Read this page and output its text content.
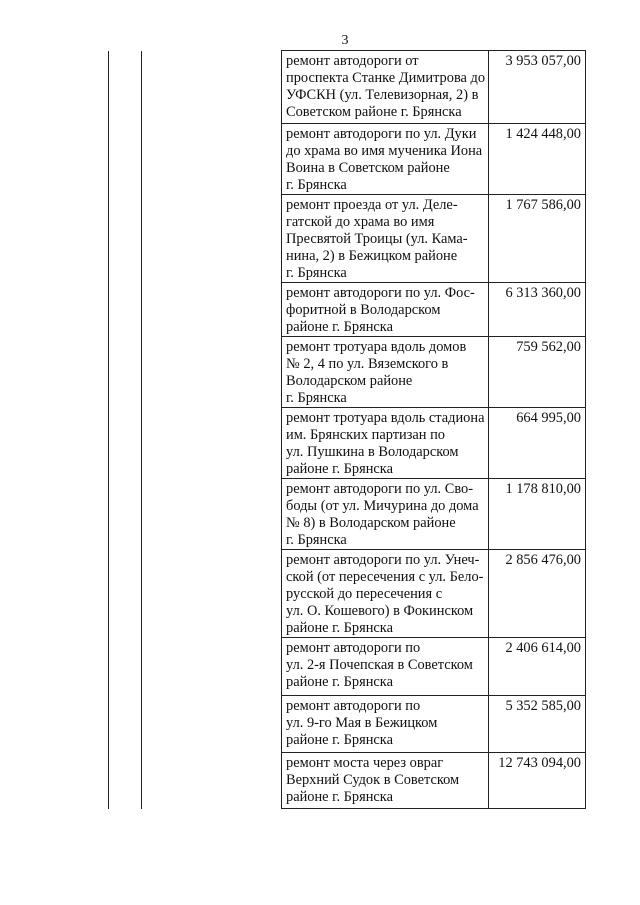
3

		ремонт автодороги от
проспекта Станке Димитрова до
УФСКН (ул. Телевизорная, 2) в
Советском районе г. Брянска	3 953 057,00

		ремонт автодороги по ул. Дуки
до храма во имя мученика Иона
Воина в Советском районе
г. Брянска	1 424 448,00

		ремонт проезда от ул. Деле-
гатской до храма во имя
Пресвятой Троицы (ул. Кама-
нина, 2) в Бежицком районе
г. Брянска	1 767 586,00

		ремонт автодороги по ул. Фос-
форитной в Володарском
районе г. Брянска	6 313 360,00

		ремонт тротуара вдоль домов
№ 2, 4 по ул. Вяземского в
Володарском районе
г. Брянска	759 562,00

		ремонт тротуара вдоль стадиона
им. Брянских партизан по
ул. Пушкина в Володарском
районе г. Брянска	664 995,00

		ремонт автодороги по ул. Сво-
боды (от ул. Мичурина до дома
№ 8) в Володарском районе
г. Брянска	1 178 810,00

		ремонт автодороги по ул. Унеч-
ской (от пересечения с ул. Бело-
русской до пересечения с
ул. О. Кошевого) в Фокинском
районе г. Брянска	2 856 476,00

		ремонт автодороги по
ул. 2-я Почепская в Советском
районе г. Брянска	2 406 614,00

		ремонт автодороги по
ул. 9-го Мая в Бежицком
районе г. Брянска	5 352 585,00

		ремонт моста через овраг
Верхний Судок в Советском
районе г. Брянска	12 743 094,00
